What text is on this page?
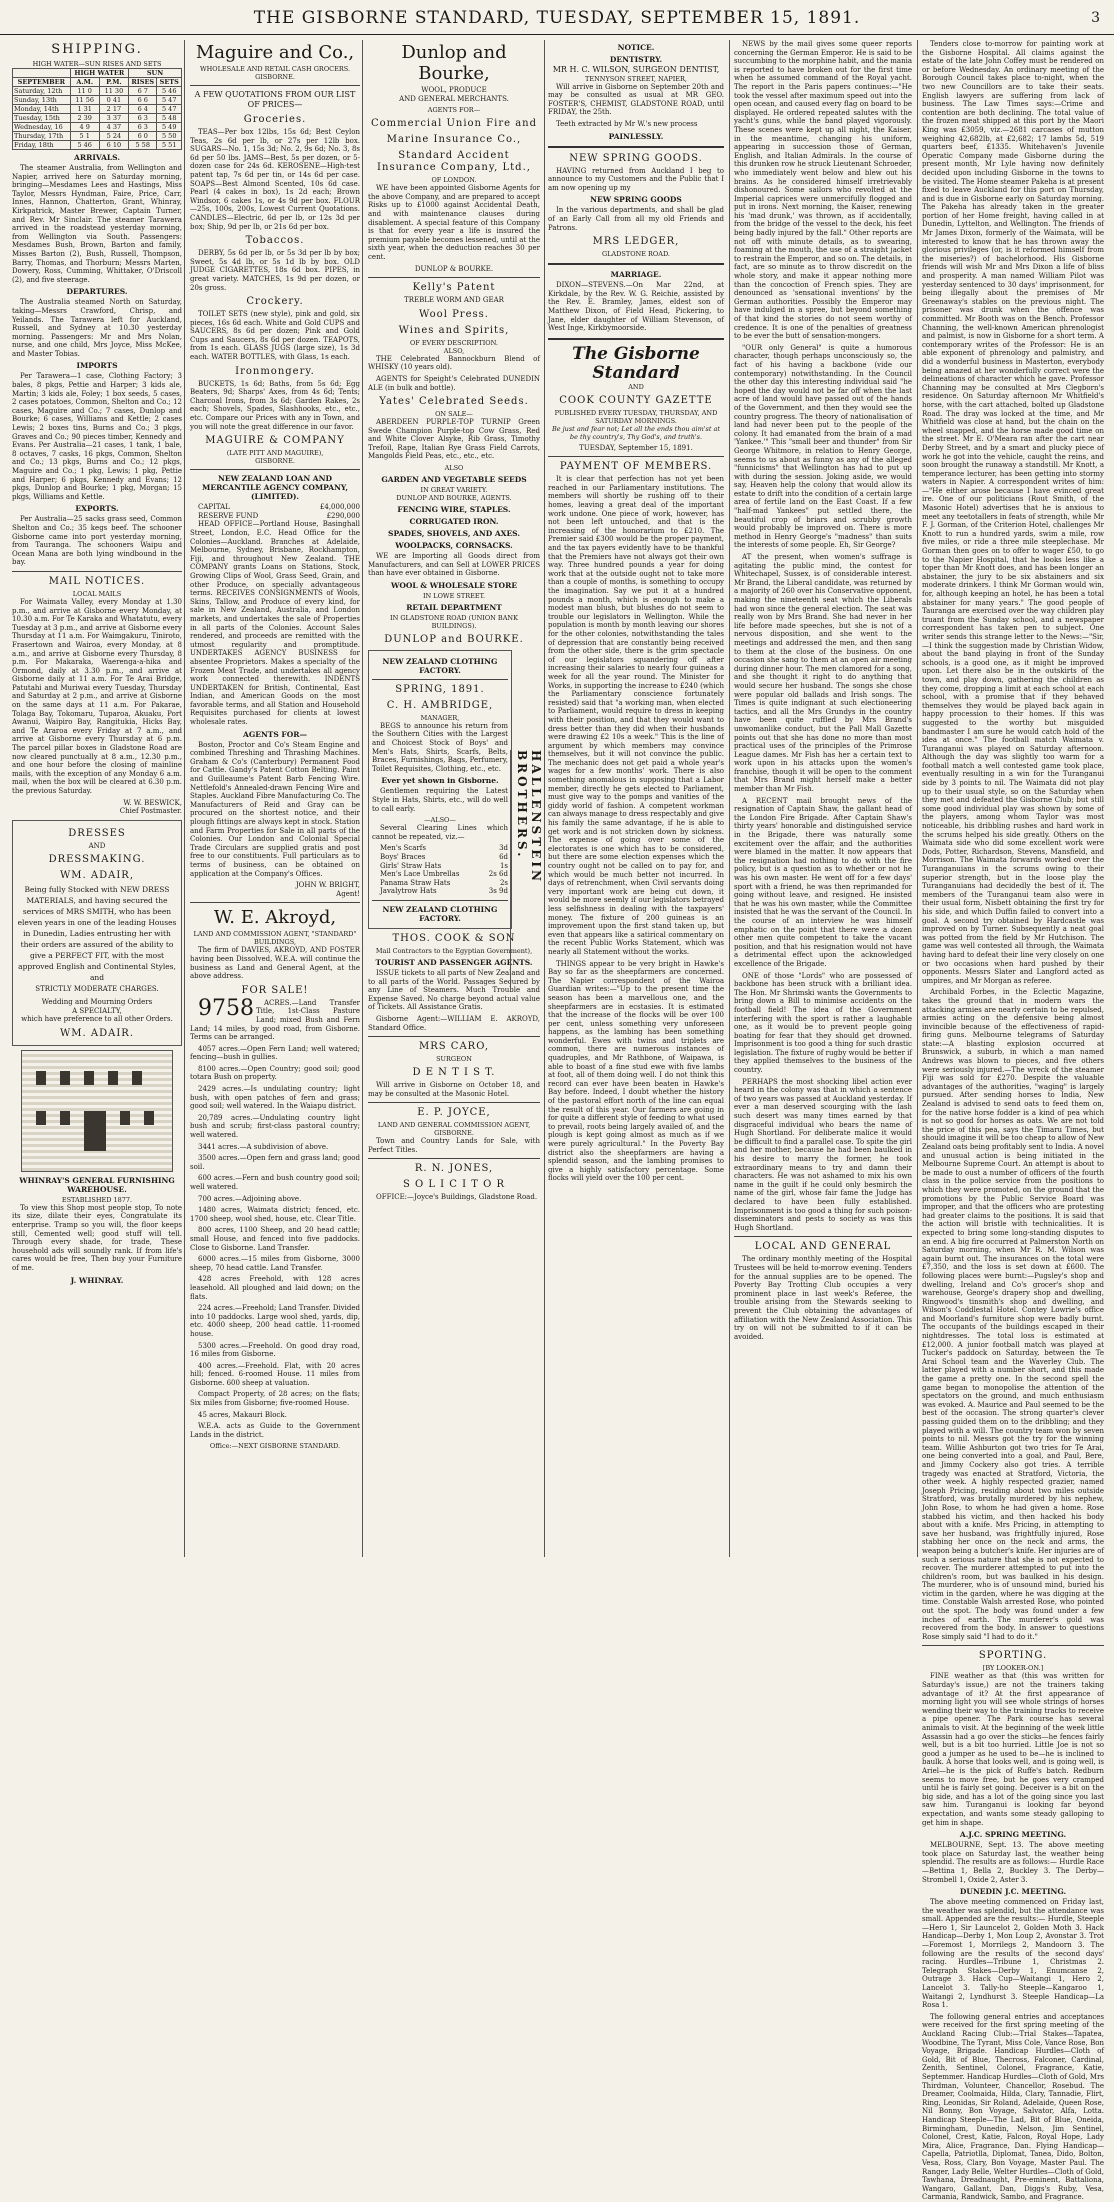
THE GISBORNE STANDARD, TUESDAY, SEPTEMBER 15, 1891.	3
SHIPPING.
HIGH WATER—SUN RISES AND SETS
	HIGH WATER		SUN	
SEPTEMBER	A.M.	P.M.	RISES	SETS
Saturday, 12th	11 0	11 30	6 7	5 46
Sunday, 13th	11 56	0 41	6 6	5 47
Monday, 14th	1 31	2 17	6 4	5 47
Tuesday, 15th	2 39	3 37	6 3	5 48
Wednesday, 16	4 9	4 37	6 3	5 49
Thursday, 17th	5 1	5 24	6 0	5 50
Friday, 18th	5 46	6 10	5 58	5 51
ARRIVALS.

The steamer Australia, from Wellington and Napier, arrived here on Saturday morning, bringing—Mesdames Lees and Hastings, Miss Taylor, Messrs Hyndman, Faire, Price, Carr, Innes, Hannon, Chatterton, Grant, Whinray, Kirkpatrick, Master Brewer, Captain Turner, and Rev. Mr Sinclair. The steamer Tarawera arrived in the roadstead yesterday morning, from Wellington via South. Passengers: Mesdames Bush, Brown, Barton and family, Misses Barton (2), Bush, Russell, Thompson, Barry, Thomas, and Thorburn; Messrs Marten, Dowery, Ross, Cumming, Whittaker, O'Driscoll (2), and five steerage.

DEPARTURES.

The Australia steamed North on Saturday, taking—Messrs Crawford, Chrisp, and Yeilands. The Tarawera left for Auckland, Russell, and Sydney at 10.30 yesterday morning. Passengers: Mr and Mrs Nolan, nurse, and one child, Mrs Joyce, Miss McKee, and Master Tobias.

IMPORTS

Per Tarawera—1 case, Clothing Factory; 3 bales, 8 pkgs, Pettie and Harper; 3 kids ale, Martin; 3 kids ale, Foley; 1 box seeds, 5 cases, 2 cases potatoes, Common, Shelton and Co.; 12 cases, Maguire and Co.; 7 cases, Dunlop and Bourke; 6 cases, Williams and Kettle; 2 cases Lewis; 2 boxes tins, Burns and Co.; 3 pkgs, Graves and Co.; 90 pieces timber, Kennedy and Evans. Per Australia—21 cases, 1 tank, 1 bale, 8 octaves, 7 casks, 16 pkgs, Common, Shelton and Co.; 13 pkgs, Burns and Co.; 12 pkgs, Maguire and Co.; 1 pkg, Lewis; 1 pkg, Pettie and Harper; 6 pkgs, Kennedy and Evans; 12 pkgs, Dunlop and Bourke; 1 pkg, Morgan; 15 pkgs, Williams and Kettle.

EXPORTS.

Per Australia—25 sacks grass seed, Common Shelton and Co.; 35 kegs beef. The schooner Gisborne came into port yesterday morning, from Tauranga. The schooners Waipu and Ocean Mana are both lying windbound in the bay.

MAIL NOTICES.
LOCAL MAILS

For Waimata Valley, every Monday at 1.30 p.m., and arrive at Gisborne every Monday, at 10.30 a.m. For Te Karaka and Whatatutu, every Tuesday at 3 p.m., and arrive at Gisborne every Thursday at 11 a.m. For Waimgakuru, Tiniroto, Frasertown and Wairoa, every Monday, at 8 a.m., and arrive at Gisborne every Thursday, 8 p.m. For Makaraka, Waerenga-a-hika and Ormond, daily at 3.30 p.m., and arrive at Gisborne daily at 11 a.m. For Te Arai Bridge, Patutahi and Muriwai every Tuesday, Thursday and Saturday at 2 p.m., and arrive at Gisborne on the same days at 11 a.m. For Pakarae, Tolaga Bay, Tokomaru, Tuparoa, Akuaku, Port Awanui, Waipiro Bay, Rangitukia, Hicks Bay, and Te Araroa every Friday at 7 a.m., and arrive at Gisborne every Thursday at 6 p.m. The parcel pillar boxes in Gladstone Road are now cleared punctually at 8 a.m., 12.30 p.m., and one hour before the closing of mainline mails, with the exception of any Monday 6 a.m. mail, when the box will be cleared at 6.30 p.m. the previous Saturday.

W. W. BESWICK,
Chief Postmaster.
DRESSES
AND
DRESSMAKING.
WM. ADAIR,

Being fully Stocked with NEW DRESS MATERIALS, and having secured the services of MRS SMITH, who has been eleven years in one of the leading Houses in Dunedin, Ladies entrusting her with their orders are assured of the ability to give a PERFECT FIT, with the most approved English and Continental Styles, and

STRICTLY MODERATE CHARGES.
Wedding and Mourning Orders
A SPECIALTY,
which have preference to all other Orders.
WM. ADAIR.
WHINRAY'S GENERAL FURNISHING WAREHOUSE.
ESTABLISHED 1877.

To view this Shop most people stop, To note its size, dilate their eyes, Congratulate its enterprise. Tramp so you will, the floor keeps still, Cemented well; good stuff will tell. Through every shade, for trade, These household ads will soundly rank. If from life's cares would be free, Then buy your Furniture of me.

J. WHINRAY.
Maguire and Co.,
WHOLESALE AND RETAIL CASH GROCERS.
GISBORNE.
A FEW QUOTATIONS FROM OUR LIST OF PRICES—
Groceries.

TEAS—Per box 12lbs, 15s 6d; Best Ceylon Teas, 2s 6d per lb, or 27s per 12lb box. SUGARS—No. 1, 15s 3d; No. 2, 9s 6d; No. 3, 8s 6d per 50 lbs. JAMS—Best, 5s per dozen, or 5-dozen case for 24s 6d. KEROSENE—High-test patent tap, 7s 6d per tin, or 14s 6d per case. SOAPS—Best Almond Scented, 10s 6d case. Pearl (4 cakes in box), 1s 2d each; Brown Windsor, 6 cakes 1s, or 4s 9d per box. FLOUR—25s, 100s, 200s, Lowest Current Quotations. CANDLES—Electric, 6d per lb, or 12s 3d per box; Ship, 9d per lb, or 21s 6d per box.

Tobaccos.

DERBY, 5s 6d per lb, or 5s 3d per lb by box; Sweet, 5s 4d lb, or 5s 1d lb by box. OLD JUDGE CIGARETTES, 18s 6d box. PIPES, in great variety. MATCHES, 1s 9d per dozen, or 20s gross.

Crockery.

TOILET SETS (new style), pink and gold, six pieces, 16s 6d each. White and Gold CUPS and SAUCERS, 8s 6d per dozen; Pink and Gold Cups and Saucers, 8s 6d per dozen. TEAPOTS, from 1s each. GLASS JUGS (large size), 1s 3d each. WATER BOTTLES, with Glass, 1s each.

Ironmongery.

BUCKETS, 1s 6d; Baths, from 5s 6d; Egg Beaters, 9d; Sharps' Axes, from 4s 6d; Tents; Charcoal Irons, from 3s 6d; Garden Rakes, 2s each; Shovels, Spades, Slashhooks, etc., etc., etc. Compare our Prices with any in Town, and you will note the great difference in our favor.

MAGUIRE & COMPANY
(LATE PITT AND MAGUIRE),
GISBORNE.
NEW ZEALAND LOAN AND MERCANTILE AGENCY COMPANY, (LIMITED).
CAPITAL	£4,000,000
RESERVE FUND	£290,000

HEAD OFFICE—Portland House, Basinghall Street, London, E.C. Head Office for the Colonies—Auckland. Branches at Adelaide, Melbourne, Sydney, Brisbane, Rockhampton, Fiji, and throughout New Zealand. THE COMPANY grants Loans on Stations, Stock, Growing Clips of Wool, Grass Seed, Grain, and other Produce, on specially advantageous terms. RECEIVES CONSIGNMENTS of Wools, Skins, Tallow, and Produce of every kind, for sale in New Zealand, Australia, and London markets, and undertakes the sale of Properties in all parts of the Colonies. Account Sales rendered, and proceeds are remitted with the utmost regularity and promptitude. UNDERTAKES AGENCY BUSINESS for absentee Proprietors. Makes a specialty of the Frozen Meat Trade, and undertakes all agency work connected therewith. INDENTS UNDERTAKEN for British, Continental, East Indian, and American Goods on the most favorable terms, and all Station and Household Requisites purchased for clients at lowest wholesale rates.

AGENTS FOR—

Boston, Proctor and Co's Steam Engine and combined Threshing and Thrashing Machines. Graham & Co's (Canterbury) Permanent Food for Cattle. Gandy's Patent Cotton Belting. Paint and Guilleaume's Patent Barb Fencing Wire. Nettlefold's Annealed-drawn Fencing Wire and Staples. Auckland Fibre Manufacturing Co. The Manufacturers of Reid and Gray can be procured on the shortest notice, and their plough fittings are always kept in stock. Station and Farm Properties for Sale in all parts of the Colonies. Our London and Colonial Special Trade Circulars are supplied gratis and post free to our constituents. Full particulars as to terms of business, can be obtained on application at the Company's Offices.

JOHN W. BRIGHT,
Agent!
W. E. Akroyd,
LAND AND COMMISSION AGENT, "STANDARD" BUILDINGS,

The firm of DAVIES, AKROYD, AND FOSTER having been Dissolved, W.E.A. will continue the business as Land and General Agent, at the above address.

FOR SALE!

9758 ACRES.—Land Transfer Title, 1st-Class Pasture Land; mixed Bush and Fern Land; 14 miles, by good road, from Gisborne. Terms can be arranged.

4057 acres.—Open Fern Land; well watered; fencing—bush in gullies.

8100 acres.—Open Country; good soil; good totara Bush on property.

2429 acres.—Is undulating country; light bush, with open patches of fern and grass; good soil; well watered. In the Waiapu district.

20,789 acres.—Undulating country light bush and scrub; first-class pastoral country; well watered.

3441 acres.—A subdivision of above.

3500 acres.—Open fern and grass land; good soil.

600 acres.—Fern and bush country good soil; well watered.

700 acres.—Adjoining above.

1480 acres, Waimata district; fenced, etc. 1700 sheep, wool shed, house, etc. Clear Title.

800 acres, 1100 Sheep, and 20 head cattle; small House, and fenced into five paddocks. Close to Gisborne. Land Transfer.

6000 acres.—15 miles from Gisborne, 3000 sheep, 70 head cattle. Land Transfer.

428 acres Freehold, with 128 acres leasehold. All ploughed and laid down; on the flats.

224 acres.—Freehold; Land Transfer. Divided into 10 paddocks. Large wool shed, yards, dip, etc. 4000 sheep, 200 head cattle. 11-roomed house.

5300 acres.—Freehold. On good dray road, 16 miles from Gisborne.

400 acres.—Freehold. Flat, with 20 acres hill; fenced. 6-roomed House. 11 miles from Gisborne. 600 sheep at valuation.

Compact Property, of 28 acres; on the flats; Six miles from Gisborne; five-roomed House.

45 acres, Makauri Block.

W.E.A. acts as Guide to the Government Lands in the district.

Office:—NEXT GISBORNE STANDARD.
Dunlop and Bourke,
WOOL, PRODUCE
AND GENERAL MERCHANTS.
AGENTS FOR—
Commercial Union Fire and
Marine Insurance Co.,
Standard Accident Insurance Company, Ltd.,
OF LONDON.

WE have been appointed Gisborne Agents for the above Company, and are prepared to accept Risks up to £1000 against Accidental Death, and with maintenance clauses during disablement. A special feature of this Company is that for every year a life is insured the premium payable becomes lessened, until at the sixth year, when the deduction reaches 30 per cent.

DUNLOP & BOURKE.
Kelly's Patent
TREBLE WORM AND GEAR
Wool Press.
Wines and Spirits,
OF EVERY DESCRIPTION.
ALSO,

THE Celebrated Bannockburn Blend of WHISKY (10 years old).

AGENTS for Speight's Celebrated DUNEDIN ALE (in bulk and bottle).

Yates' Celebrated Seeds.
ON SALE—

ABERDEEN PURPLE-TOP TURNIP Green Swede Champion Purple-top Cow Grass, Red and White Clover Alsyke, Rib Grass, Timothy Trefoil, Rape, Italian Rye Grass Field Carrots, Mangolds Field Peas, etc., etc., etc.

ALSO
GARDEN AND VEGETABLE SEEDS
IN GREAT VARIETY.
DUNLOP AND BOURKE, AGENTS.
FENCING WIRE, STAPLES.
CORRUGATED IRON.
SPADES, SHOVELS, AND AXES.
WOOLPACKS, CORNSACKS.

WE are Importing all Goods direct from Manufacturers, and can Sell at LOWER PRICES than have ever obtained in Gisborne.

WOOL & WHOLESALE STORE
IN LOWE STREET.
RETAIL DEPARTMENT
IN GLADSTONE ROAD (UNION BANK BUILDINGS).
DUNLOP and BOURKE.
NEW ZEALAND CLOTHING FACTORY.
SPRING, 1891.
C. H. AMBRIDGE,
MANAGER,

BEGS to announce his return from the Southern Cities with the Largest and Choicest Stock of Boys' and Men's Hats, Shirts, Scarfs, Belts, Braces, Furnishings, Bags, Perfumery, Toilet Requisites, Clothing, etc., etc.

Ever yet shown in Gisborne.

Gentlemen requiring the Latest Style in Hats, Shirts, etc., will do well to call early.

—ALSO—

Several Clearing Lines which cannot be repeated, viz.—

Men's Scarfs	3d
Boys' Braces	6d
Girls' Straw Hats	1s
Men's Lace Umbrellas	2s 6d
Panama Straw Hats	2s
Javalytrow Hats	3s 9d
NEW ZEALAND CLOTHING FACTORY.
THOS. COOK & SON
Mail Contractors to the Egyptian Government),
TOURIST AND PASSENGER AGENTS.

ISSUE tickets to all parts of New Zealand and to all parts of the World. Passages Secured by any Line of Steamers. Much Trouble and Expense Saved. No charge beyond actual value of Tickets. All Assistance Gratis.

Gisborne Agent:—WILLIAM E. AKROYD, Standard Office.

MRS CARO,
SURGEON
D E N T I S T.

Will arrive in Gisborne on October 18, and may be consulted at the Masonic Hotel.

E. P. JOYCE,
LAND AND GENERAL COMMISSION AGENT,
GISBORNE.

Town and Country Lands for Sale, with Perfect Titles.

R. N. JONES,
S O L I C I T O R

OFFICE:—Joyce's Buildings, Gladstone Road.

HALLENSTEIN BROTHERS.
NOTICE.
DENTISTRY.
MR H. C. WILSON, SURGEON DENTIST,
TENNYSON STREET, NAPIER,

Will arrive in Gisborne on September 20th and may be consulted as usual at MR GEO. FOSTER'S, CHEMIST, GLADSTONE ROAD, until FRIDAY, the 25th.

Teeth extracted by Mr W.'s new process

PAINLESSLY.
NEW SPRING GOODS.

HAVING returned from Auckland I beg to announce to my Customers and the Public that I am now opening up my

NEW SPRING GOODS

In the various departments, and shall be glad of an Early Call from all my old Friends and Patrons.

MRS LEDGER,
GLADSTONE ROAD.
MARRIAGE.

DIXON—STEVENS.—On Mar 22nd, at Kirkdale, by the Rev. W. G. Reichie, assisted by the Rev. E. Bramley, James, eldest son of Matthew Dixon, of Field Head, Pickering, to Jane, elder daughter of William Stevenson, of West Inge, Kirkbymoorside.

The Gisborne Standard
AND
COOK COUNTY GAZETTE
PUBLISHED EVERY TUESDAY, THURSDAY, AND SATURDAY MORNINGS.
Be just and fear not; Let all the ends thou aim'st at be thy country's, Thy God's, and truth's.
TUESDAY, September 15, 1891.
PAYMENT OF MEMBERS.

It is clear that perfection has not yet been reached in our Parliamentary institutions. The members will shortly be rushing off to their homes, leaving a great deal of the important work undone. One piece of work, however, has not been left untouched, and that is the increasing of the honorarium to £210. The Premier said £300 would be the proper payment, and the tax payers evidently have to be thankful that the Premiers have not always got their own way. Three hundred pounds a year for doing work that at the outside ought not to take more than a couple of months, is something to occupy the imagination. Say we put it at a hundred pounds a month, which is enough to make a modest man blush, but blushes do not seem to trouble our legislators in Wellington. While the population is month by month leaving our shores for the other colonies, notwithstanding the tales of depression that are constantly being received from the other side, there is the grim spectacle of our legislators squandering off after increasing their salaries to nearly four guineas a week for all the year round. The Minister for Works, in supporting the increase to £240 (which the Parliamentary conscience fortunately resisted) said that "a working man, when elected to Parliament, would require to dress in keeping with their position, and that they would want to dress better than they did when their husbands were drawing £2 10s a week." This is the line of argument by which members may convince themselves, but it will not convince the public. The mechanic does not get paid a whole year's wages for a few months' work. There is also something anomalous in supposing that a Labor member, directly he gets elected to Parliament, must give way to the pomps and vanities of the giddy world of fashion. A competent workman can always manage to dress respectably and give his family the same advantage, if he is able to get work and is not stricken down by sickness. The expense of going over some of the electorates is one which has to be considered, but there are some election expenses which the country ought not be called on to pay for, and which would be much better not incurred. In days of retrenchment, when Civil servants doing very important work are being cut down, it would be more seemly if our legislators betrayed less selfishness in dealing with the taxpayers' money. The fixture of 200 guineas is an improvement upon the first stand taken up, but even that appears like a satirical commentary on the recent Public Works Statement, which was nearly all Statement without the works.

THINGS appear to be very bright in Hawke's Bay so far as the sheepfarmers are concerned. The Napier correspondent of the Wairoa Guardian writes:—"Up to the present time the season has been a marvellous one, and the sheepfarmers are in ecstasies. It is estimated that the increase of the flocks will be over 100 per cent, unless something very unforeseen happens, as the lambing has been something wonderful. Ewes with twins and triplets are common, there are numerous instances of quadruples, and Mr Rathbone, of Waipawa, is able to boast of a fine stud ewe with five lambs at foot, all of them doing well. I do not think this record can ever have been beaten in Hawke's Bay before. Indeed, I doubt whether the history of the pastoral effort north of the line can equal the result of this year. Our farmers are going in for quite a different style of feeding to what used to prevail, roots being largely availed of, and the plough is kept going almost as much as if we were purely agricultural." In the Poverty Bay district also the sheepfarmers are having a splendid season, and the lambing promises to give a highly satisfactory percentage. Some flocks will yield over the 100 per cent.

NEWS by the mail gives some queer reports concerning the German Emperor. He is said to be succumbing to the morphine habit, and the mania is reported to have broken out for the first time when he assumed command of the Royal yacht. The report in the Paris papers continues:—"He took the vessel after maximum speed out into the open ocean, and caused every flag on board to be displayed. He ordered repeated salutes with the yacht's guns, while the band played vigorously. These scenes were kept up all night, the Kaiser, in the meantime, changing his uniform, appearing in succession those of German, English, and Italian Admirals. In the course of this drunken row he struck Lieutenant Schroeder, who immediately went below and blew out his brains. As he considered himself irretrievably dishonoured. Some sailors who revolted at the Imperial caprices were unmercifully flogged and put in irons. Next morning, the Kaiser, renewing his 'mad drunk,' was thrown, as if accidentally, from the bridge of the vessel to the deck, his feet being badly injured by the fall." Other reports are not off with minute details, as to swearing, foaming at the mouth, the use of a straight jacket to restrain the Emperor, and so on. The details, in fact, are so minute as to throw discredit on the whole story, and make it appear nothing more than the concoction of French spies. They are denounced as 'sensational inventions' by the German authorities. Possibly the Emperor may have indulged in a spree, but beyond something of that kind the stories do not seem worthy of credence. It is one of the penalties of greatness to be ever the butt of sensation-mongers.

"OUR only General" is quite a humorous character, though perhaps unconsciously so, the fact of his having a backbone (vide our contemporary) notwithstanding. In the Council the other day this interesting individual said "he hoped the day would not be far off when the last acre of land would have passed out of the hands of the Government, and then they would see the country progress. The theory of nationalisation of land had never been put to the people of the colony. It had emanated from the brain of a mad 'Yankee.'" This "small beer and thunder" from Sir George Whitmore, in relation to Henry George, seems to us about as funny as any of the alleged "funnicisms" that Wellington has had to put up with during the session. Joking aside, we would say, Heaven help the colony that would allow its estate to drift into the condition of a certain large area of fertile land on the East Coast. If a few "half-mad Yankees" put settled there, the beautiful crop of briars and scrubby growth would probably be improved on. There is more method in Henry George's "madness" than suits the interests of some people. Eh, Sir George?

AT the present, when women's suffrage is agitating the public mind, the contest for Whitechapel, Sussex, is of considerable interest. Mr Brand, the Liberal candidate, was returned by a majority of 260 over his Conservative opponent, making the nineteenth seat which the Liberals had won since the general election. The seat was really won by Mrs Brand. She had never in her life before made speeches, but she is not of a nervous disposition, and she went to the meetings and addressed the men, and then sang to them at the close of the business. On one occasion she sang to them at an open air meeting during dinner hour. The men clamored for a song, and she thought it right to do anything that would secure her husband. The songs she chose were popular old ballads and Irish songs. The Times is quite indignant at such electioneering tactics, and all the Mrs Grundys in the country have been quite ruffled by Mrs Brand's unwomanlike conduct, but the Pall Mall Gazette points out that she has done no more than most practical uses of the principles of the Primrose League dames. Mr Fish has her a certain text to work upon in his attacks upon the women's franchise, though it will be open to the comment that Mrs Brand might herself make a better member than Mr Fish.

A RECENT mail brought news of the resignation of Captain Shaw, the gallant head of the London Fire Brigade. After Captain Shaw's thirty years' honorable and distinguished service in the Brigade, there was naturally some excitement over the affair, and the authorities were blamed in the matter. It now appears that the resignation had nothing to do with the fire policy, but is a question as to whether or not he was his own master. He went off for a few days' sport with a friend, he was then reprimanded for going without leave, and resigned. He insisted that he was his own master, while the Committee insisted that he was the servant of the Council. In the course of an interview he was himself emphatic on the point that there were a dozen other men quite competent to take the vacant position, and that his resignation would not have a detrimental effect upon the acknowledged excellence of the Brigade.

ONE of those "Lords" who are possessed of backbone has been struck with a brilliant idea. The Hon. Mr Shrimski wants the Governments to bring down a Bill to minimise accidents on the football field! The idea of the Government interfering with the sport is rather a laughable one, as it would be to prevent people going boating for fear that they should get drowned. Imprisonment is too good a thing for such drastic legislation. The fixture of rugby would be better if they applied themselves to the business of the country.

PERHAPS the most shocking libel action ever heard in the colony was that in which a sentence of two years was passed at Auckland yesterday. If ever a man deserved scourging with the lash such desert was many times earned by that disgraceful individual who bears the name of Hugh Shortland. For deliberate malice it would be difficult to find a parallel case. To spite the girl and her mother, because he had been baulked in his desire to marry the former, he took extraordinary means to try and damn their characters. He was not ashamed to mix his own name in the guilt if he could only besmirch the name of the girl, whose fair fame the Judge has declared to have been fully established. Imprisonment is too good a thing for such poison-disseminators and pests to society as was this Hugh Shortland.

LOCAL AND GENERAL

The ordinary monthly meeting of the Hospital Trustees will be held to-morrow evening. Tenders for the annual supplies are to be opened. The Poverty Bay Trotting Club occupies a very prominent place in last week's Referee, the trouble arising from the Stewards seeking to prevent the Club obtaining the advantages of affiliation with the New Zealand Association. This try on will not be submitted to if it can be avoided.

Tenders close to-morrow for painting work at the Gisborne Hospital. All claims against the estate of the late John Coffey must be rendered on or before Wednesday. An ordinary meeting of the Borough Council takes place to-night, when the two new Councillors are to take their seats. English lawyers are suffering from lack of business. The Law Times says:—Crime and contention are both declining. The total value of the frozen meat shipped at this port by the Maori King was £3059, viz.—2681 carcases of mutton weighing 42,682lb, at £2,682; 17 lambs 5d, 519 quarters beef, £1335. Whitehaven's Juvenile Operatic Company made Gisborne during the present month, Mr Lyle having now definitely decided upon including Gisborne in the towns to be visited. The Home steamer Pakeha is at present fixed to leave Auckland for this port on Thursday, and is due in Gisborne early on Saturday morning. The Pakeha has already taken in the greater portion of her Home freight, having called in at Dunedin, Lyttelton, and Wellington. The friends of Mr James Dixon, formerly of the Waimata, will be interested to know that he has thrown away the glorious privileges (or, is it reformed himself from the miseries?) of bachelorhood. His Gisborne friends will wish Mr and Mrs Dixon a life of bliss and prosperity. A man named William Pilot was yesterday sentenced to 30 days' imprisonment, for being illegally about the premises of Mr Greenaway's stables on the previous night. The prisoner was drunk when the offence was committed. Mr Booth was on the Bench. Professor Channing, the well-known American phrenologist and palmist, is now in Gisborne for a short term. A contemporary writes of the Professor: He is an able exponent of phrenology and palmistry, and did a wonderful business in Masterton, everybody being amazed at her wonderfully correct were the delineations of character which he gave. Professor Channing may be consulted at Mrs Clegborn's residence. On Saturday afternoon Mr Whitfield's horse, with the cart attached, bolted up Gladstone Road. The dray was locked at the time, and Mr Whitfield was close at hand, but the chain on the wheel snapped, and the horse made good time on the street. Mr E. O'Meara ran after the cart near Derby Street, and by a smart and plucky piece of work he got into the vehicle, caught the reins, and soon brought the runaway a standstill. Mr Knott, a temperance lecturer, has been getting into stormy waters in Napier. A correspondent writes of him:—"He either arose because I have evinced great ire. One of our politicians (Rout Smith, of the Masonic Hotel) advertises that he is anxious to meet any teetotallers in feats of strength, while Mr F. J. Gorman, of the Criterion Hotel, challenges Mr Knott to run a hundred yards, swim a mile, row five miles, or ride a three mile steeplechase. Mr Gorman then goes on to offer to wager £50, to go to the Napier Hospital, that he looks less like a toper than Mr Knott does, and has been longer an abstainer, the jury to be six abstainers and six moderate drinkers. I think Mr Gorman would win, for, although keeping an hotel, he has been a total abstainer for many years." The good people of Tauranga are exercised over the way children play truant from the Sunday school, and a newspaper correspondent has taken pen to subject. One writer sends this strange letter to the News:—"Sir,—I think the suggestion made by Christian Widow, about the band playing in front of the Sunday schools, is a good one, as it might be improved upon. Let there also be in the outskirts of the town, and play down, gathering the children as they come, dropping a limit at each school at each school, with a promise that if they behaved themselves they would be played back again in happy procession to their homes. If this was suggested to the worthy but misguided bandmaster I am sure he would catch hold of the idea at once." The football match Waimata v. Turanganui was played on Saturday afternoon. Although the day was slightly too warm for a football match a well contested game took place, eventually resulting in a win for the Turanganui side by 3 points to nil. The Waimata did not play up to their usual style, so on the Saturday when they met and defeated the Gisborne Club; but still some good individual play was shown by some of the players, among whom Taylor was most noticeable, his dribbling rushes and hard work in the scrums helped his side greatly. Others on the Waimata side who did some excellent work were Dods, Potter, Richardson, Stevens, Mansfield, and Morrison. The Waimata forwards worked over the Turanganuians in the scrums owing to their superior strength, but in the loose play the Turanganuians had decidedly the best of it. The members of the Turanganui team also were in their usual form, Nisbett obtaining the first try for his side, and which Duffin failed to convert into a goal. A second try obtained by Hardcastle was improved on by Turner. Subsequently a neat goal was potted from the field by Mr Hutchison. The game was well contested all through, the Waimata having hard to defeat their line very closely on one or two occasions when hard pushed by their opponents. Messrs Slater and Langford acted as umpires, and Mr Morgan as referee.

Archibald Forbes, in the Eclectic Magazine, takes the ground that in modern wars the attacking armies are nearly certain to be repulsed, armies acting on the defensive being almost invincible because of the effectiveness of rapid-firing guns. Melbourne telegrams of Saturday state:—A blasting explosion occurred at Brunswick, a suburb, in which a man named Andrews was blown to pieces, and five others were seriously injured.—The wreck of the steamer Fiji was sold for £270. Despite the valuable advantages of the authorities, "waging" is largely pursued. After sending horses to India, New Zealand is advised to send oats to feed them on, for the native horse fodder is a kind of pea which is not so good for horses as oats. We are not told the price of this pea, says the Timaru Times, but should imagine it will be too cheap to allow of New Zealand oats being profitably sent to India. A novel and unusual action is being initiated in the Melbourne Supreme Court. An attempt is about to be made to oust a number of officers of the fourth class in the police service from the positions to which they were promoted, on the ground that the promotions by the Public Service Board was improper, and that the officers who are protesting had greater claims to the positions. It is said that the action will bristle with technicalities. It is expected to bring some long-standing disputes to an end. A big fire occurred at Palmerston North on Saturday morning, when Mr R. M. Wilson was again burnt out. The insurances on the total were £7,350, and the loss is set down at £600. The following places were burnt:—Pugsley's shop and dwelling, Ireland and Co's grocer's shop and warehouse, George's drapery shop and dwelling, Ringwood's tinsmith's shop and dwelling, and Wilson's Coddlestal Hotel. Contey Lowrie's office and Moorland's furniture shop were badly burnt. The occupants of the buildings escaped in their nightdresses. The total loss is estimated at £12,000. A junior football match was played at Tucker's paddock on Saturday, between the Te Arai School team and the Waverley Club. The latter played with a number short, and this made the game a pretty one. In the second spell the game began to monopolise the attention of the spectators on the ground, and much enthusiasm was evoked. A. Maurice and Paul seemed to be the best of the occasion. The strong quarter's clever passing guided them on to the dribbling; and they played with a will. The country team won by seven points to nil. Messrs got the try for the winning team. Willie Ashburton got two tries for Te Arai, one being converted into a goal, and Paul, Bere, and Jimmy Cockery also got tries. A terrible tragedy was enacted at Stratford, Victoria, the other week. A highly respected grazier, named Joseph Pricing, residing about two miles outside Stratford, was brutally murdered by his nephew, John Rose, to whom he had given a home. Rose stabbed his victim, and then hacked his body about with a knife. Mrs Pricing, in attempting to save her husband, was frightfully injured, Rose stabbing her once on the neck and arms, the weapon being a butcher's knife. Her injuries are of such a serious nature that she is not expected to recover. The murderer attempted to put into the children's room, but was baulked in his design. The murderer, who is of unsound mind, buried his victim in the garden, where he was digging at the time. Constable Walsh arrested Rose, who pointed out the spot. The body was found under a few inches of earth. The murderer's gold was recovered from the body. In answer to questions Rose simply said "I had to do it."

SPORTING.
[BY LOOKER-ON.]

FINE weather as that (this was written for Saturday's issue,) are not the trainers taking advantage of it? At the first appearance of morning light you will see whole strings of horses wending their way to the training tracks to receive a pipe opener. The Park course has several animals to visit. At the beginning of the week little Assassin had a go over the sticks—he fences fairly well, but is a bit too hurried. Little Joe is not so good a jumper as he used to be—he is inclined to baulk. A horse that looks well, and is going well, is Ariel—he is the pick of Ruffe's batch. Redburn seems to move free, but he goes very cramped until he is fairly set going. Deceiver is a bit on the big side, and has a lot of the going since you last saw him. Turanganui is looking far beyond expectation, and wants some steady galloping to get him in shape.

A.J.C. SPRING MEETING.

MELBOURNE, Sept. 13. The above meeting took place on Saturday last, the weather being splendid. The results are as follows:— Hurdle Race—Bettina 1, Bella 2, Buckley 3. The Derby—Strombell 1, Oxide 2, Aster 3.

DUNEDIN J.C. MEETING.

The above meeting commenced on Friday last, the weather was splendid, but the attendance was small. Appended are the results:— Hurdle, Steeple—Hero 1, Sir Launcelot 2, Golden Moth 3. Hack Handicap—Derby 1, Mon Loup 2, Avonstar 3. Trot—Foremost 1, Morrilegs 2, Mandoorn 3. The following are the results of the second days' racing. Hurdles—Tribune 1, Christmas 2. Telegraph Stakes—Derby 1, Enumcanse 2, Outrage 3. Hack Cup—Waitangi 1, Hero 2, Lancelot 3. Tally-ho Steeple—Kangaroo 1, Waitangi 2, Lyndhurst 3. Steeple Handicap—La Rosa 1.

The following general entries and acceptances were received for the first spring meeting of the Auckland Racing Club:—Trial Stakes—Tapatea, Woodbine, The Tyrant, Miss Cole, Vance Rose, Bon Voyage, Brigade. Handicap Hurdles—Cloth of Gold, Bit of Blue, Thecross, Falconer, Cardinal, Zenith, Sentinel, Colonel, Fragrance, Katie, Septemmer. Handicap Hurdles—Cloth of Gold, Mrs Thirdman, Volunteer, Chancellor, Rosebud. The Dreamer, Coolmaida, Hilda, Clary, Tannadie, Flirt, Ring, Leonidas, Sir Roland, Adelaide, Queen Rose, Nil Bonny, Bon Voyage, Salvator, Alfa, Lotta. Handicap Steeple—The Lad, Bit of Blue, Oneida, Birmingham, Dunedin, Nelson, Jim Sentinel, Colonel, Crest, Katie, Falcon, Royal Hope, Lady Mira, Alice, Fragrance, Dan. Flying Handicap—Capella, Patriotlla, Diplomat, Tanea, Dido, Bolton, Vesa, Ross, Clary, Bon Voyage, Master Paul. The Ranger, Lady Belle, Welter Hurdles—Cloth of Gold, Tawhana, Dreadnaught, Pre-eminent, Battaliona, Wangaro, Gallant, Dan, Diggs's Ruby, Vesa, Carmania, Randwick, Sambo, and Fragrance.
